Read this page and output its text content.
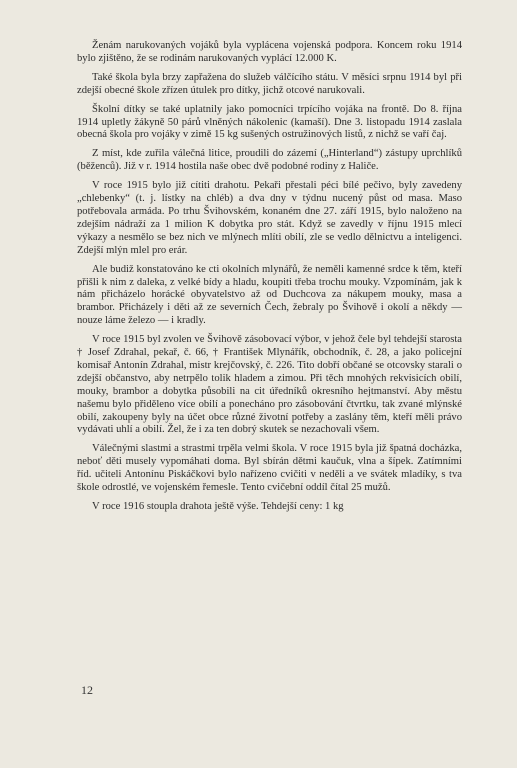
Ženám narukovaných vojáků byla vyplácena vojenská podpora. Koncem roku 1914 bylo zjištěno, že se rodinám narukovaných vyplácí 12.000 K.

Také škola byla brzy zapřažena do služeb válčícího státu. V měsíci srpnu 1914 byl při zdejší obecné škole zřízen útulek pro dítky, jichž otcové narukovali.

Školní dítky se také uplatnily jako pomocníci trpícího vojáka na frontě. Do 8. října 1914 upletly žákyně 50 párů vlněných nákolenic (kamaší). Dne 3. listopadu 1914 zaslala obecná škola pro vojáky v zimě 15 kg sušených ostružinových listů, z nichž se vaří čaj.

Z míst, kde zuřila válečná litice, proudili do zázemí („Hinterland“) zástupy uprchlíků (běženců). Již v r. 1914 hostila naše obec dvě podobné rodiny z Haliče.

V roce 1915 bylo již cítiti drahotu. Pekaři přestali péci bílé pečivo, byly zavedeny „chlebenky“ (t. j. lístky na chléb) a dva dny v týdnu nucený půst od masa. Maso potřebovala armáda. Po trhu Švihovském, konaném dne 27. září 1915, bylo naloženo na zdejším nádraží za 1 milion K dobytka pro stát. Když se zavedly v říjnu 1915 mlecí výkazy a nesmělo se bez nich ve mlýnech mlíti obilí, zle se vedlo dělnictvu a inteligenci. Zdejší mlýn mlel pro erár.

Ale budiž konstatováno ke cti okolních mlynářů, že neměli kamenné srdce k těm, kteří přišli k nim z daleka, z velké bídy a hladu, koupiti třeba trochu mouky. Vzpomínám, jak k nám přicházelo horácké obyvatelstvo až od Duchcova za nákupem mouky, masa a brambor. Přicházely i děti až ze severních Čech, žebraly po Švihově i okolí a někdy — nouze láme železo — i kradly.

V roce 1915 byl zvolen ve Švihově zásobovací výbor, v jehož čele byl tehdejší starosta † Josef Zdrahal, pekař, č. 66, † František Mlynářík, obchodník, č. 28, a jako policejní komisař Antonín Zdrahal, mistr krejčovský, č. 226. Tito dobří občané se otcovsky starali o zdejší občanstvo, aby netrpělo tolik hladem a zimou. Při těch mnohých rekvisicích obilí, mouky, brambor a dobytka působili na cit úředníků okresního hejtmanství. Aby městu našemu bylo přiděleno více obilí a ponecháno pro zásobování čtvrtku, tak zvané mlýnské obilí, zakoupeny byly na účet obce různé životní potřeby a zaslány těm, kteří měli právo vydávati uhlí a obilí. Žel, že i za ten dobrý skutek se nezachovali všem.

Válečnými slastmi a strastmi trpěla velmi škola. V roce 1915 byla již špatná docházka, neboť děti musely vypomáhati doma. Byl sbírán dětmi kaučuk, vlna a šípek. Zatímními říd. učiteli Antonínu Piskáčkovi bylo nařízeno cvičiti v neděli a ve svátek mladíky, s tva škole odrostlé, ve vojenském řemesle. Tento cvičební oddíl čítal 25 mužů.

V roce 1916 stoupla drahota ještě výše. Tehdejší ceny: 1 kg

12
